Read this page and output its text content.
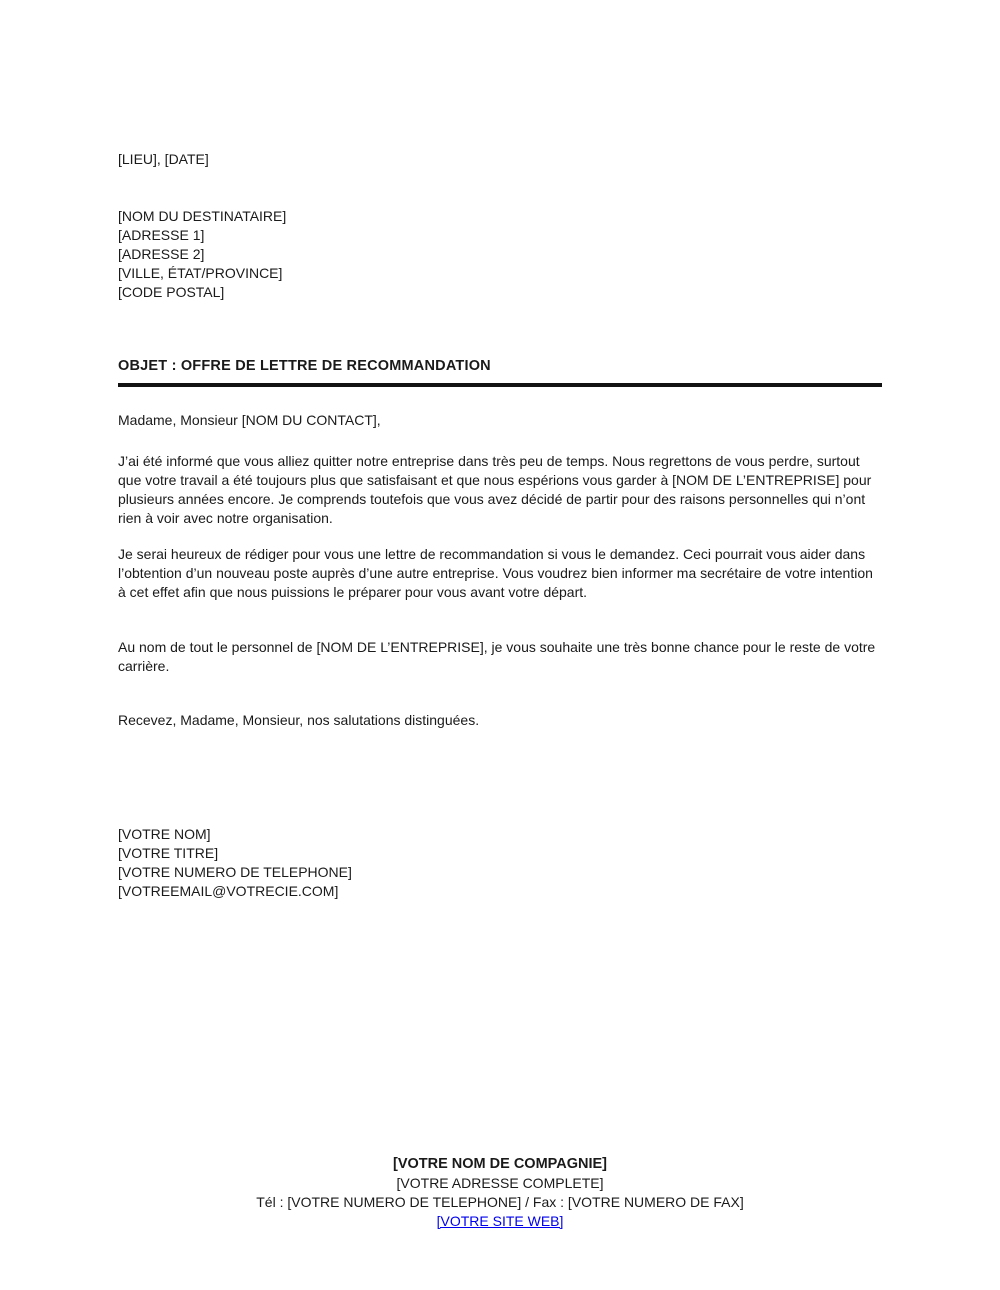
[LIEU], [DATE]
[NOM DU DESTINATAIRE]
[ADRESSE 1]
[ADRESSE 2]
[VILLE, ÉTAT/PROVINCE]
[CODE POSTAL]
OBJET : OFFRE DE LETTRE DE RECOMMANDATION
Madame, Monsieur [NOM DU CONTACT],
J’ai été informé que vous alliez quitter notre entreprise dans très peu de temps. Nous regrettons de vous perdre, surtout que votre travail a été toujours plus que satisfaisant et que nous espérions vous garder à [NOM DE L’ENTREPRISE] pour plusieurs années encore. Je comprends toutefois que vous avez décidé de partir pour des raisons personnelles qui n’ont rien à voir avec notre organisation.
Je serai heureux de rédiger pour vous une lettre de recommandation si vous le demandez. Ceci pourrait vous aider dans l’obtention d’un nouveau poste auprès d’une autre entreprise. Vous voudrez bien informer ma secrétaire de votre intention à cet effet afin que nous puissions le préparer pour vous avant votre départ.
Au nom de tout le personnel de [NOM DE L’ENTREPRISE], je vous souhaite une très bonne chance pour le reste de votre carrière.
Recevez, Madame, Monsieur, nos salutations distinguées.
[VOTRE NOM]
[VOTRE TITRE]
[VOTRE NUMERO DE TELEPHONE]
[VOTREEMAIL@VOTRECIE.COM]
[VOTRE NOM DE COMPAGNIE]
[VOTRE ADRESSE COMPLETE]
Tél : [VOTRE NUMERO DE TELEPHONE] / Fax : [VOTRE NUMERO DE FAX]
[VOTRE SITE WEB]
